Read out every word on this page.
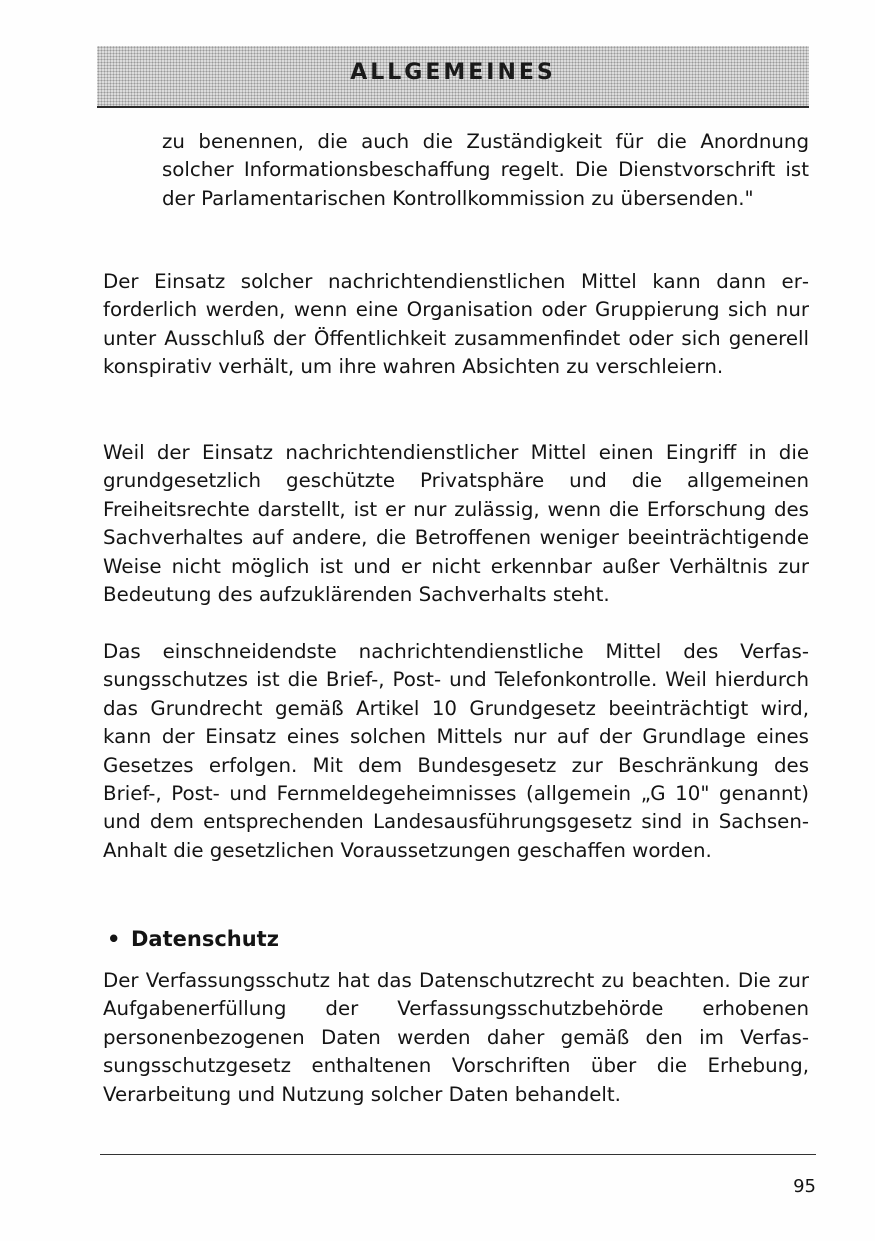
ALLGEMEINES

zu benennen, die auch die Zuständigkeit für die Anordnung solcher Informationsbeschaffung regelt. Die Dienstvorschrift ist der Parlamentarischen Kontrollkommission zu übersenden."

Der Einsatz solcher nachrichtendienstlichen Mittel kann dann erforderlich werden, wenn eine Organisation oder Gruppierung sich nur unter Ausschluß der Öffentlichkeit zusammenfindet oder sich generell konspirativ verhält, um ihre wahren Absichten zu verschleiern.

Weil der Einsatz nachrichtendienstlicher Mittel einen Eingriff in die grundgesetzlich geschützte Privatsphäre und die allgemeinen Freiheitsrechte darstellt, ist er nur zulässig, wenn die Erforschung des Sachverhaltes auf andere, die Betroffenen weniger beeinträchtigende Weise nicht möglich ist und er nicht erkennbar außer Verhältnis zur Bedeutung des aufzuklärenden Sachverhalts steht.

Das einschneidendste nachrichtendienstliche Mittel des Verfassungsschutzes ist die Brief-, Post- und Telefonkontrolle. Weil hierdurch das Grundrecht gemäß Artikel 10 Grundgesetz beeinträchtigt wird, kann der Einsatz eines solchen Mittels nur auf der Grundlage eines Gesetzes erfolgen. Mit dem Bundesgesetz zur Beschränkung des Brief-, Post- und Fernmeldegeheimnisses (allgemein „G 10" genannt) und dem entsprechenden Landesausführungsgesetz sind in Sachsen-Anhalt die gesetzlichen Voraussetzungen geschaffen worden.

• Datenschutz

Der Verfassungsschutz hat das Datenschutzrecht zu beachten. Die zur Aufgabenerfüllung der Verfassungsschutzbehörde erhobenen personenbezogenen Daten werden daher gemäß den im Verfassungsschutzgesetz enthaltenen Vorschriften über die Erhebung, Verarbeitung und Nutzung solcher Daten behandelt.

95
